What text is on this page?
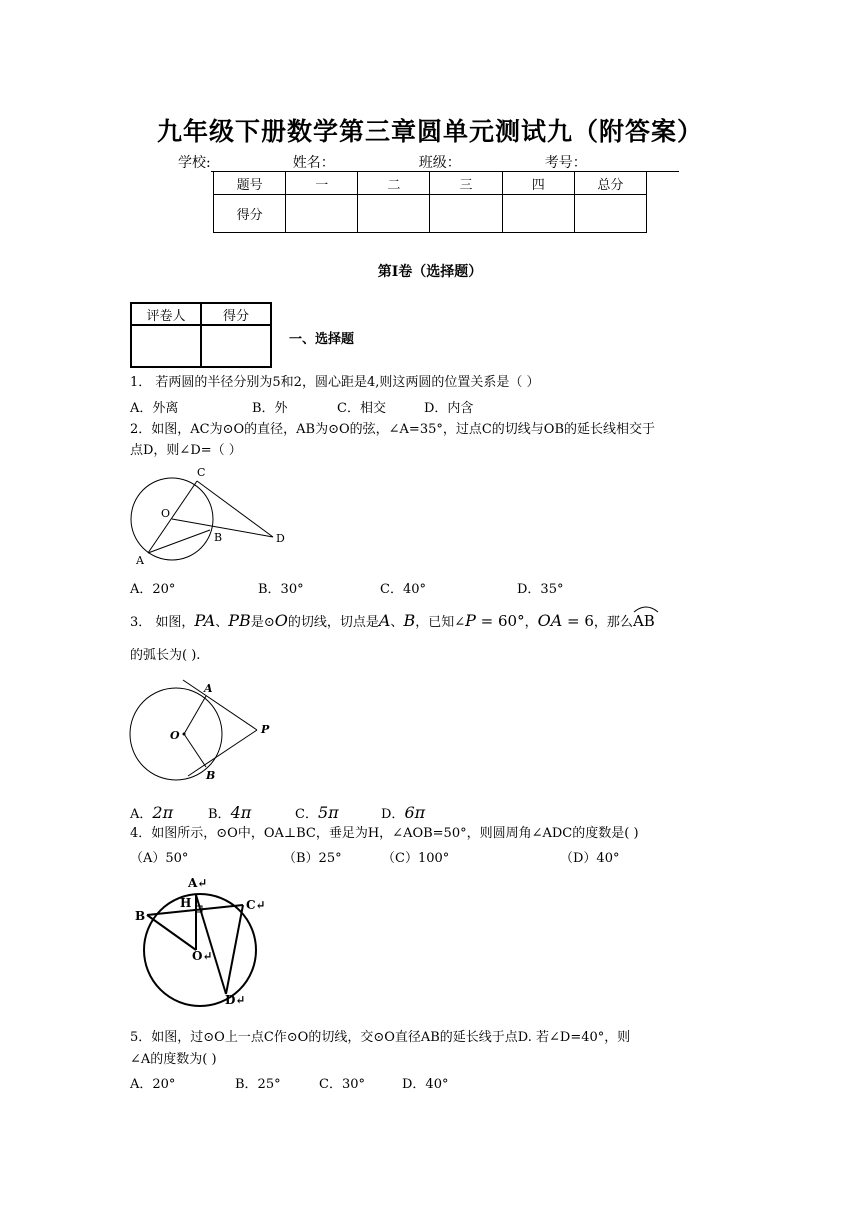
九年级下册数学第三章圆单元测试九（附答案）
学校:	姓名：	班级：	考号：
题号	一	二	三	四	总分
得分					
第I卷（选择题）
评卷人	得分

一、选择题
1． 若两圆的半径分别为5和2，圆心距是4,则这两圆的位置关系是（ ）
A．外离	B．外	C．相交	D．内含
2．如图，AC为⊙O的直径，AB为⊙O的弦，∠A=35°，过点C的切线与OB的延长线相交于
点D，则∠D=（ ）
C
O
B	D
A
A．20°	B．30°	C．40°	D．35°
3． 如图，PA、PB是⊙O的切线，切点是A、B，已知∠P = 60°，OA = 6，那么
AB
的弧长为( ).
A
O	P
B
A．2π	B．4π	C．5π	D．6π
4．如图所示，⊙O中，OA⊥BC，垂足为H，∠AOB=50°，则圆周角∠ADC的度数是( )
（A）50°	（B）25°	（C）100°	（D）40°
A↵
H
B
C↵
O↵
D↵
5．如图，过⊙O上一点C作⊙O的切线，交⊙O直径AB的延长线于点D. 若∠D=40°，则
∠A的度数为( )
A．20°	B．25°	C．30°	D．40°
